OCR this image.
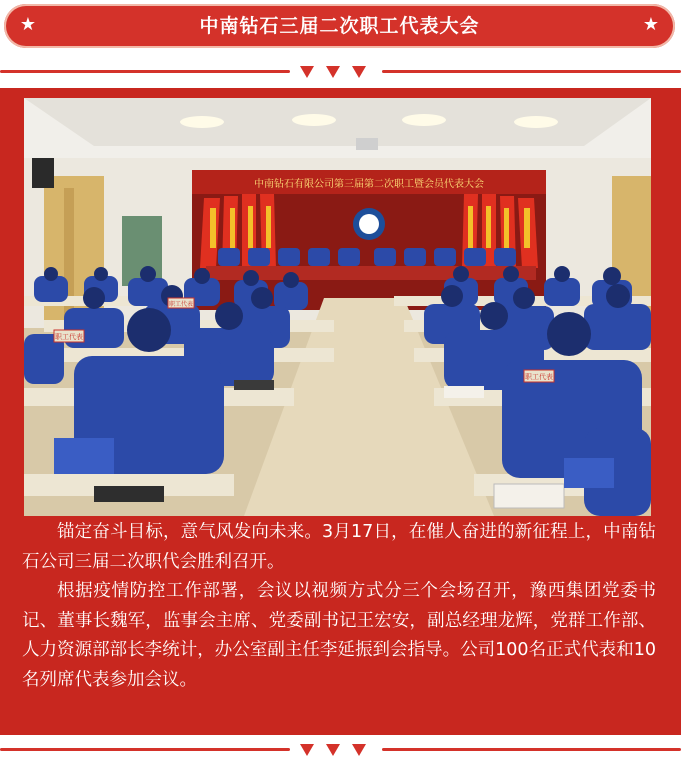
★	中南钻石三届二次职工代表大会	★
中南钻石有限公司第三届第二次职工暨会员代表大会
职工代表
职工代表
职工代表

锚定奋斗目标，意气风发向未来。3月17日，在催人奋进的新征程上，中南钻石公司三届二次职代会胜利召开。

根据疫情防控工作部署，会议以视频方式分三个会场召开，豫西集团党委书记、董事长魏军，监事会主席、党委副书记王宏安，副总经理龙辉，党群工作部、人力资源部部长李统计，办公室副主任李延振到会指导。公司100名正式代表和10名列席代表参加会议。
